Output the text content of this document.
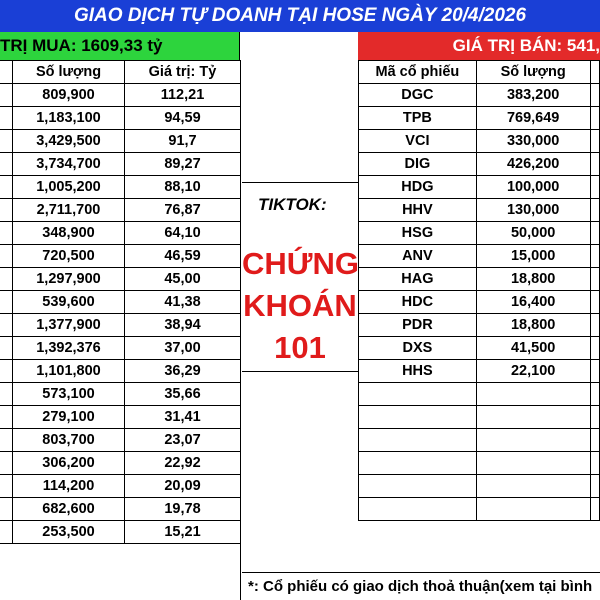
GIAO DỊCH TỰ DOANH TẠI HOSE NGÀY 20/4/2026
TRỊ MUA: 1609,33 tỷ	GIÁ TRỊ BÁN: 541,
	Số lượng	Giá trị: Tỷ
	809,900	112,21
	1,183,100	94,59
	3,429,500	91,7
	3,734,700	89,27
	1,005,200	88,10
	2,711,700	76,87
	348,900	64,10
	720,500	46,59
	1,297,900	45,00
	539,600	41,38
	1,377,900	38,94
	1,392,376	37,00
	1,101,800	36,29
	573,100	35,66
	279,100	31,41
	803,700	23,07
	306,200	22,92
	114,200	20,09
	682,600	19,78
	253,500	15,21
Mã cổ phiếu	Số lượng	
DGC	383,200	
TPB	769,649	
VCI	330,000	
DIG	426,200	
HDG	100,000	
HHV	130,000	
HSG	50,000	
ANV	15,000	
HAG	18,800	
HDC	16,400	
PDR	18,800	
DXS	41,500	
HHS	22,100	

TIKTOK:
CHỨNG
KHOÁN
101
*: Cổ phiếu có giao dịch thoả thuận(xem tại bình
